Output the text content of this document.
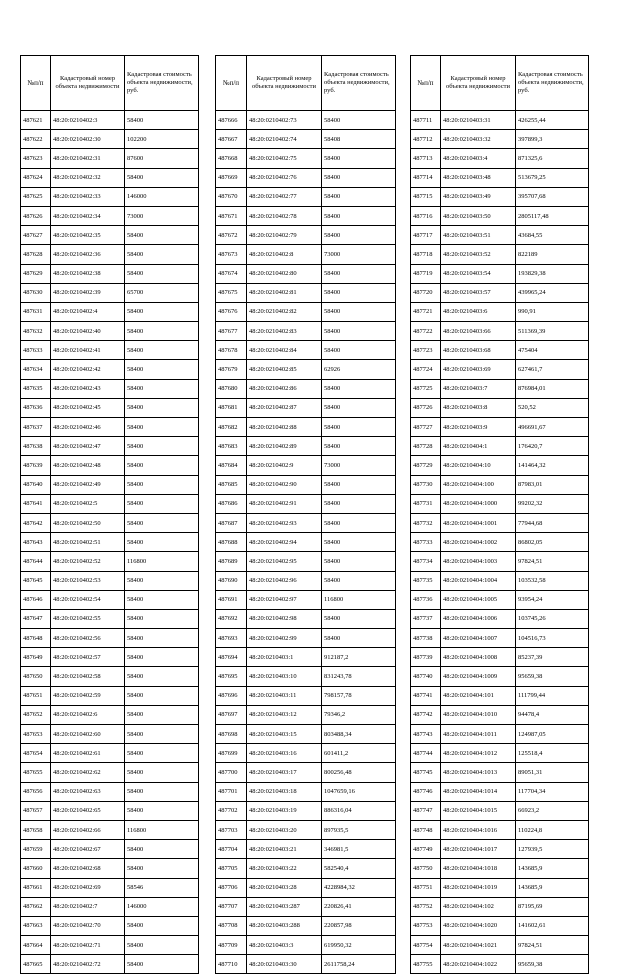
№п/п	Кадастровый номер объекта недвижимости	Кадастровая стоимость объекта недвижимости, руб.
487621	48:20:0210402:3	58400
487622	48:20:0210402:30	102200
487623	48:20:0210402:31	87600
487624	48:20:0210402:32	58400
487625	48:20:0210402:33	146000
487626	48:20:0210402:34	73000
487627	48:20:0210402:35	58400
487628	48:20:0210402:36	58400
487629	48:20:0210402:38	58400
487630	48:20:0210402:39	65700
487631	48:20:0210402:4	58400
487632	48:20:0210402:40	58400
487633	48:20:0210402:41	58400
487634	48:20:0210402:42	58400
487635	48:20:0210402:43	58400
487636	48:20:0210402:45	58400
487637	48:20:0210402:46	58400
487638	48:20:0210402:47	58400
487639	48:20:0210402:48	58400
487640	48:20:0210402:49	58400
487641	48:20:0210402:5	58400
487642	48:20:0210402:50	58400
487643	48:20:0210402:51	58400
487644	48:20:0210402:52	116800
487645	48:20:0210402:53	58400
487646	48:20:0210402:54	58400
487647	48:20:0210402:55	58400
487648	48:20:0210402:56	58400
487649	48:20:0210402:57	58400
487650	48:20:0210402:58	58400
487651	48:20:0210402:59	58400
487652	48:20:0210402:6	58400
487653	48:20:0210402:60	58400
487654	48:20:0210402:61	58400
487655	48:20:0210402:62	58400
487656	48:20:0210402:63	58400
487657	48:20:0210402:65	58400
487658	48:20:0210402:66	116800
487659	48:20:0210402:67	58400
487660	48:20:0210402:68	58400
487661	48:20:0210402:69	58546
487662	48:20:0210402:7	146000
487663	48:20:0210402:70	58400
487664	48:20:0210402:71	58400
487665	48:20:0210402:72	58400
№п/п	Кадастровый номер объекта недвижимости	Кадастровая стоимость объекта недвижимости, руб.
487666	48:20:0210402:73	58400
487667	48:20:0210402:74	58408
487668	48:20:0210402:75	58400
487669	48:20:0210402:76	58400
487670	48:20:0210402:77	58400
487671	48:20:0210402:78	58400
487672	48:20:0210402:79	58400
487673	48:20:0210402:8	73000
487674	48:20:0210402:80	58400
487675	48:20:0210402:81	58400
487676	48:20:0210402:82	58400
487677	48:20:0210402:83	58400
487678	48:20:0210402:84	58400
487679	48:20:0210402:85	62926
487680	48:20:0210402:86	58400
487681	48:20:0210402:87	58400
487682	48:20:0210402:88	58400
487683	48:20:0210402:89	58400
487684	48:20:0210402:9	73000
487685	48:20:0210402:90	58400
487686	48:20:0210402:91	58400
487687	48:20:0210402:93	58400
487688	48:20:0210402:94	58400
487689	48:20:0210402:95	58400
487690	48:20:0210402:96	58400
487691	48:20:0210402:97	116800
487692	48:20:0210402:98	58400
487693	48:20:0210402:99	58400
487694	48:20:0210403:1	912187,2
487695	48:20:0210403:10	831243,78
487696	48:20:0210403:11	798157,78
487697	48:20:0210403:12	79346,2
487698	48:20:0210403:15	803488,34
487699	48:20:0210403:16	601411,2
487700	48:20:0210403:17	800256,48
487701	48:20:0210403:18	1047659,16
487702	48:20:0210403:19	886316,04
487703	48:20:0210403:20	897935,5
487704	48:20:0210403:21	346981,5
487705	48:20:0210403:22	582540,4
487706	48:20:0210403:28	4228984,32
487707	48:20:0210403:287	220826,41
487708	48:20:0210403:288	220857,98
487709	48:20:0210403:3	619950,32
487710	48:20:0210403:30	2611758,24
№п/п	Кадастровый номер объекта недвижимости	Кадастровая стоимость объекта недвижимости, руб.
487711	48:20:0210403:31	426255,44
487712	48:20:0210403:32	397899,3
487713	48:20:0210403:4	871325,6
487714	48:20:0210403:48	513679,25
487715	48:20:0210403:49	395707,68
487716	48:20:0210403:50	2805117,48
487717	48:20:0210403:51	43684,55
487718	48:20:0210403:52	822189
487719	48:20:0210403:54	193829,38
487720	48:20:0210403:57	439965,24
487721	48:20:0210403:6	990,91
487722	48:20:0210403:66	511369,39
487723	48:20:0210403:68	475404
487724	48:20:0210403:69	627461,7
487725	48:20:0210403:7	876984,01
487726	48:20:0210403:8	520,52
487727	48:20:0210403:9	496691,67
487728	48:20:0210404:1	176420,7
487729	48:20:0210404:10	141464,32
487730	48:20:0210404:100	87983,01
487731	48:20:0210404:1000	99202,32
487732	48:20:0210404:1001	77944,68
487733	48:20:0210404:1002	86802,05
487734	48:20:0210404:1003	97824,51
487735	48:20:0210404:1004	103532,58
487736	48:20:0210404:1005	93954,24
487737	48:20:0210404:1006	103745,26
487738	48:20:0210404:1007	104516,73
487739	48:20:0210404:1008	85237,39
487740	48:20:0210404:1009	95659,38
487741	48:20:0210404:101	111799,44
487742	48:20:0210404:1010	94478,4
487743	48:20:0210404:1011	124987,05
487744	48:20:0210404:1012	125518,4
487745	48:20:0210404:1013	89051,31
487746	48:20:0210404:1014	117704,34
487747	48:20:0210404:1015	66923,2
487748	48:20:0210404:1016	110224,8
487749	48:20:0210404:1017	127939,5
487750	48:20:0210404:1018	143685,9
487751	48:20:0210404:1019	143685,9
487752	48:20:0210404:102	87195,69
487753	48:20:0210404:1020	141602,61
487754	48:20:0210404:1021	97824,51
487755	48:20:0210404:1022	95659,38
